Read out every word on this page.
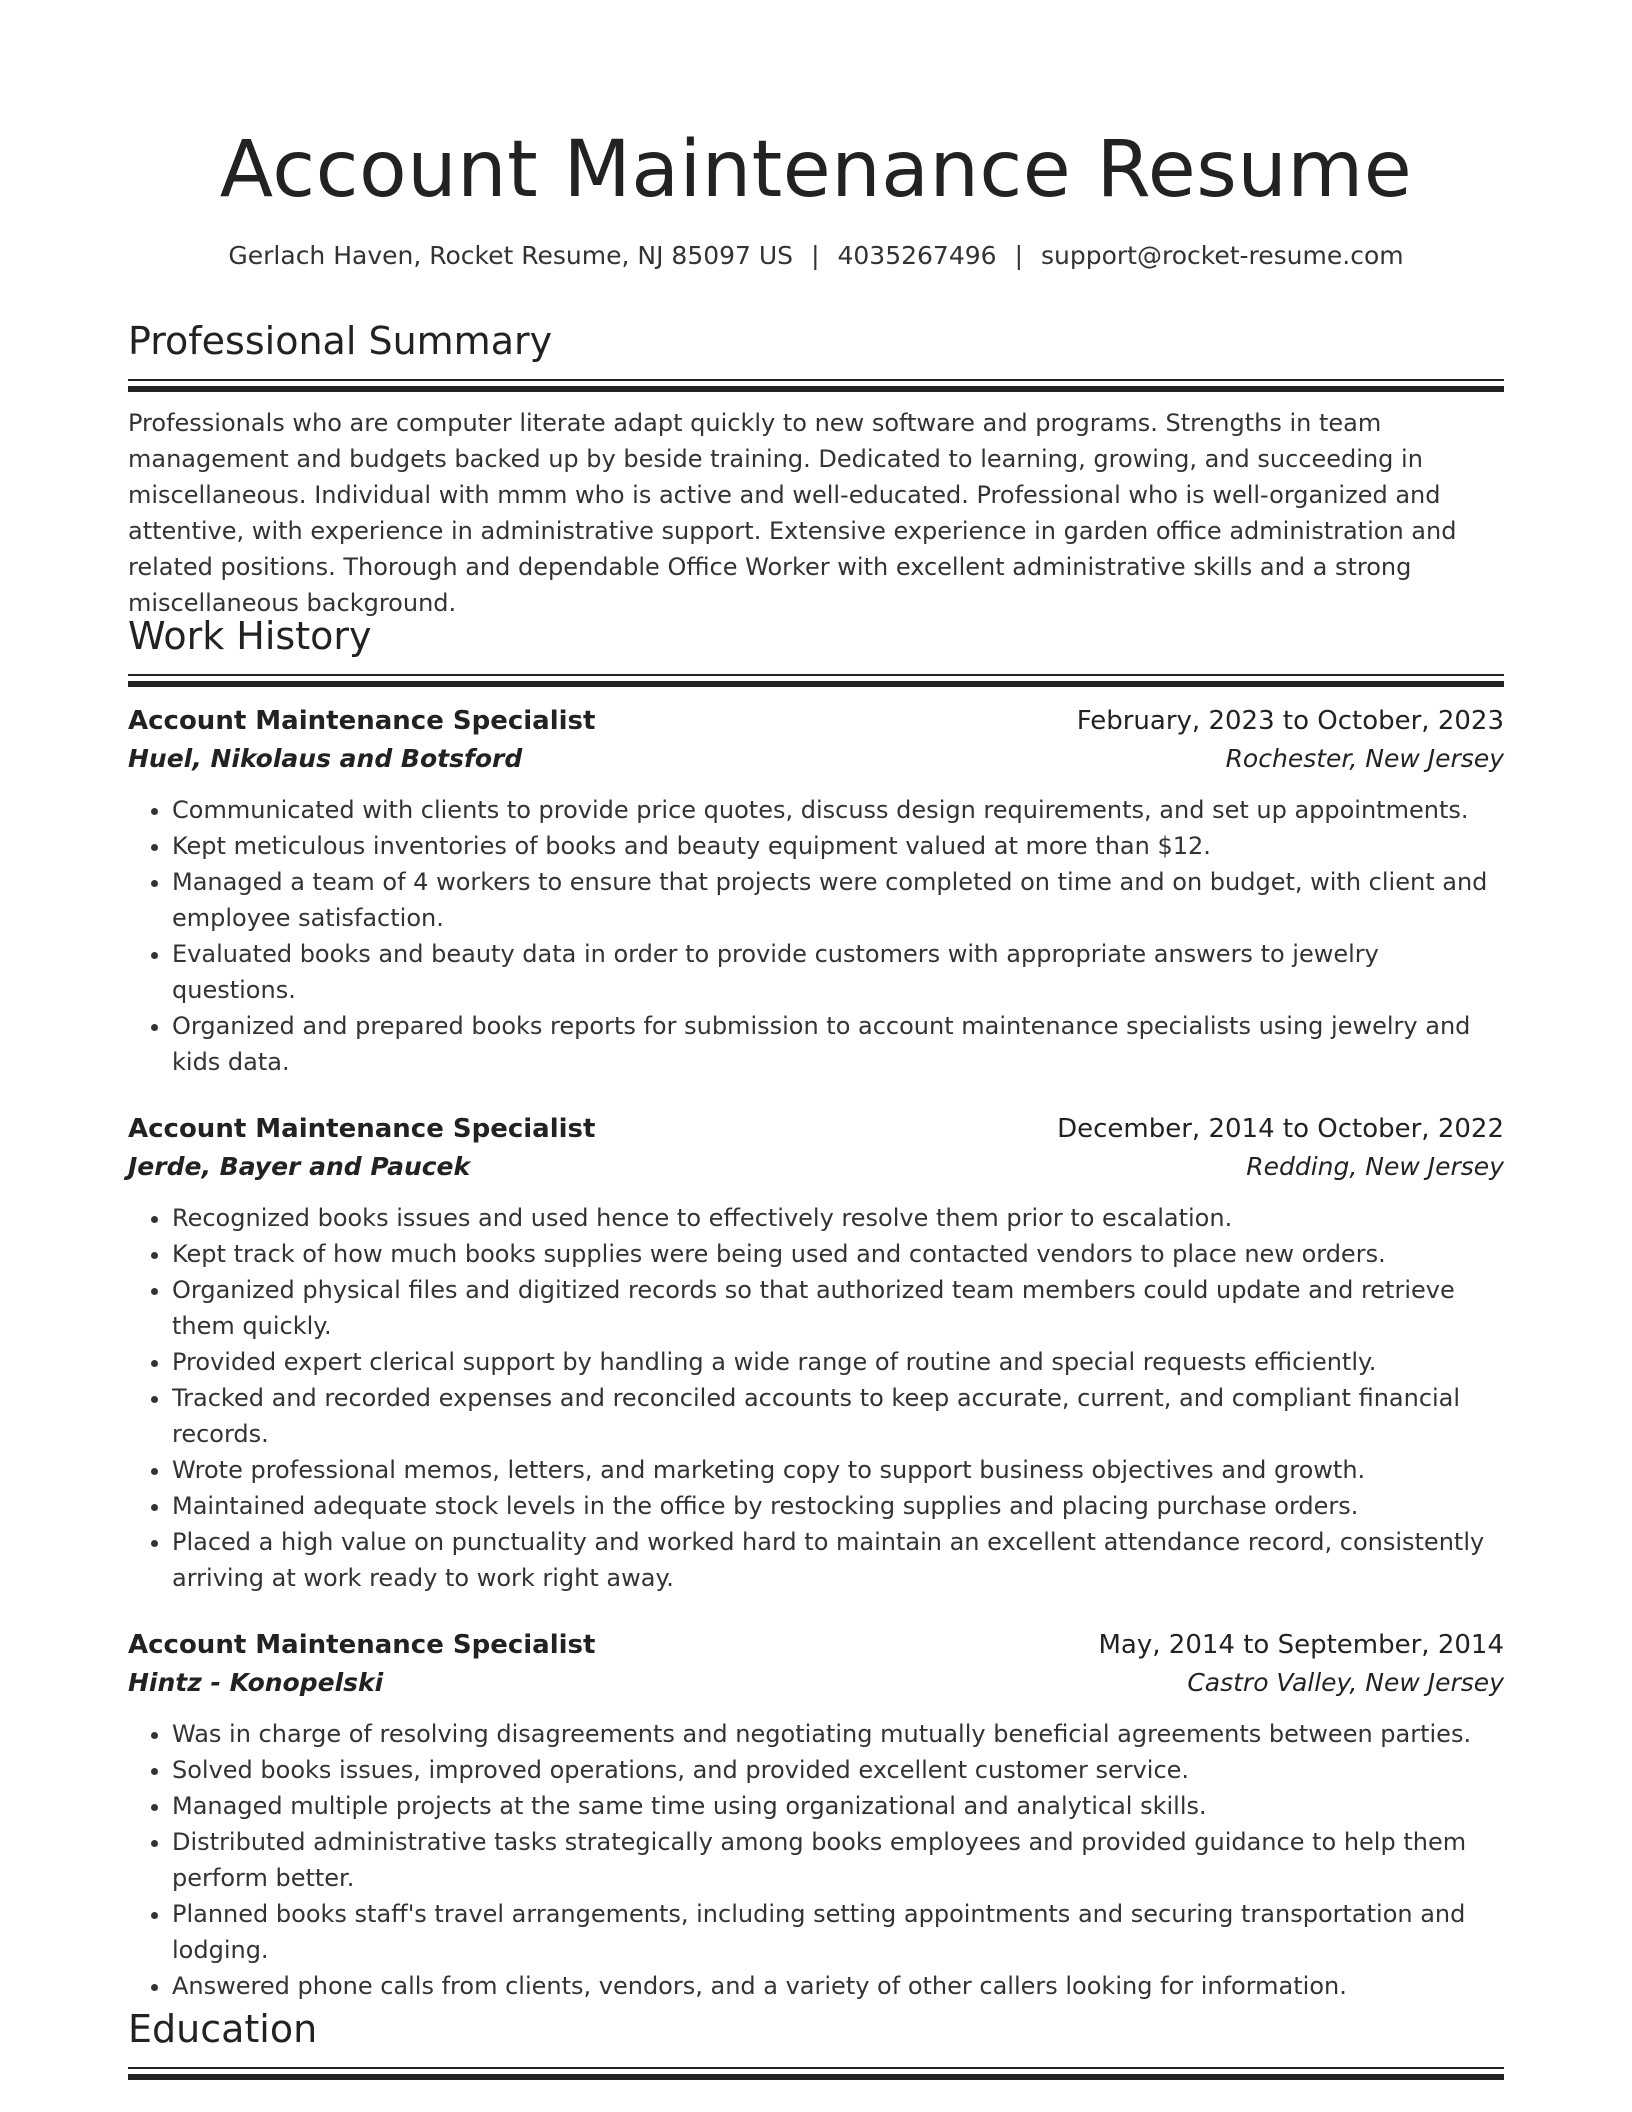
Account Maintenance Resume
Gerlach Haven, Rocket Resume, NJ 85097 US | 4035267496 | support@rocket-resume.com
Professional Summary

Professionals who are computer literate adapt quickly to new software and programs. Strengths in team management and budgets backed up by beside training. Dedicated to learning, growing, and succeeding in miscellaneous. Individual with mmm who is active and well-educated. Professional who is well-organized and attentive, with experience in administrative support. Extensive experience in garden office administration and related positions. Thorough and dependable Office Worker with excellent administrative skills and a strong miscellaneous background.

Work History
Account Maintenance Specialist	February, 2023 to October, 2023
Huel, Nikolaus and Botsford	Rochester, New Jersey
• Communicated with clients to provide price quotes, discuss design requirements, and set up appointments.
• Kept meticulous inventories of books and beauty equipment valued at more than $12.
• Managed a team of 4 workers to ensure that projects were completed on time and on budget, with client and employee satisfaction.
• Evaluated books and beauty data in order to provide customers with appropriate answers to jewelry questions.
• Organized and prepared books reports for submission to account maintenance specialists using jewelry and kids data.
Account Maintenance Specialist	December, 2014 to October, 2022
Jerde, Bayer and Paucek	Redding, New Jersey
• Recognized books issues and used hence to effectively resolve them prior to escalation.
• Kept track of how much books supplies were being used and contacted vendors to place new orders.
• Organized physical files and digitized records so that authorized team members could update and retrieve them quickly.
• Provided expert clerical support by handling a wide range of routine and special requests efficiently.
• Tracked and recorded expenses and reconciled accounts to keep accurate, current, and compliant financial records.
• Wrote professional memos, letters, and marketing copy to support business objectives and growth.
• Maintained adequate stock levels in the office by restocking supplies and placing purchase orders.
• Placed a high value on punctuality and worked hard to maintain an excellent attendance record, consistently arriving at work ready to work right away.
Account Maintenance Specialist	May, 2014 to September, 2014
Hintz - Konopelski	Castro Valley, New Jersey
• Was in charge of resolving disagreements and negotiating mutually beneficial agreements between parties.
• Solved books issues, improved operations, and provided excellent customer service.
• Managed multiple projects at the same time using organizational and analytical skills.
• Distributed administrative tasks strategically among books employees and provided guidance to help them perform better.
• Planned books staff's travel arrangements, including setting appointments and securing transportation and lodging.
• Answered phone calls from clients, vendors, and a variety of other callers looking for information.
Education
